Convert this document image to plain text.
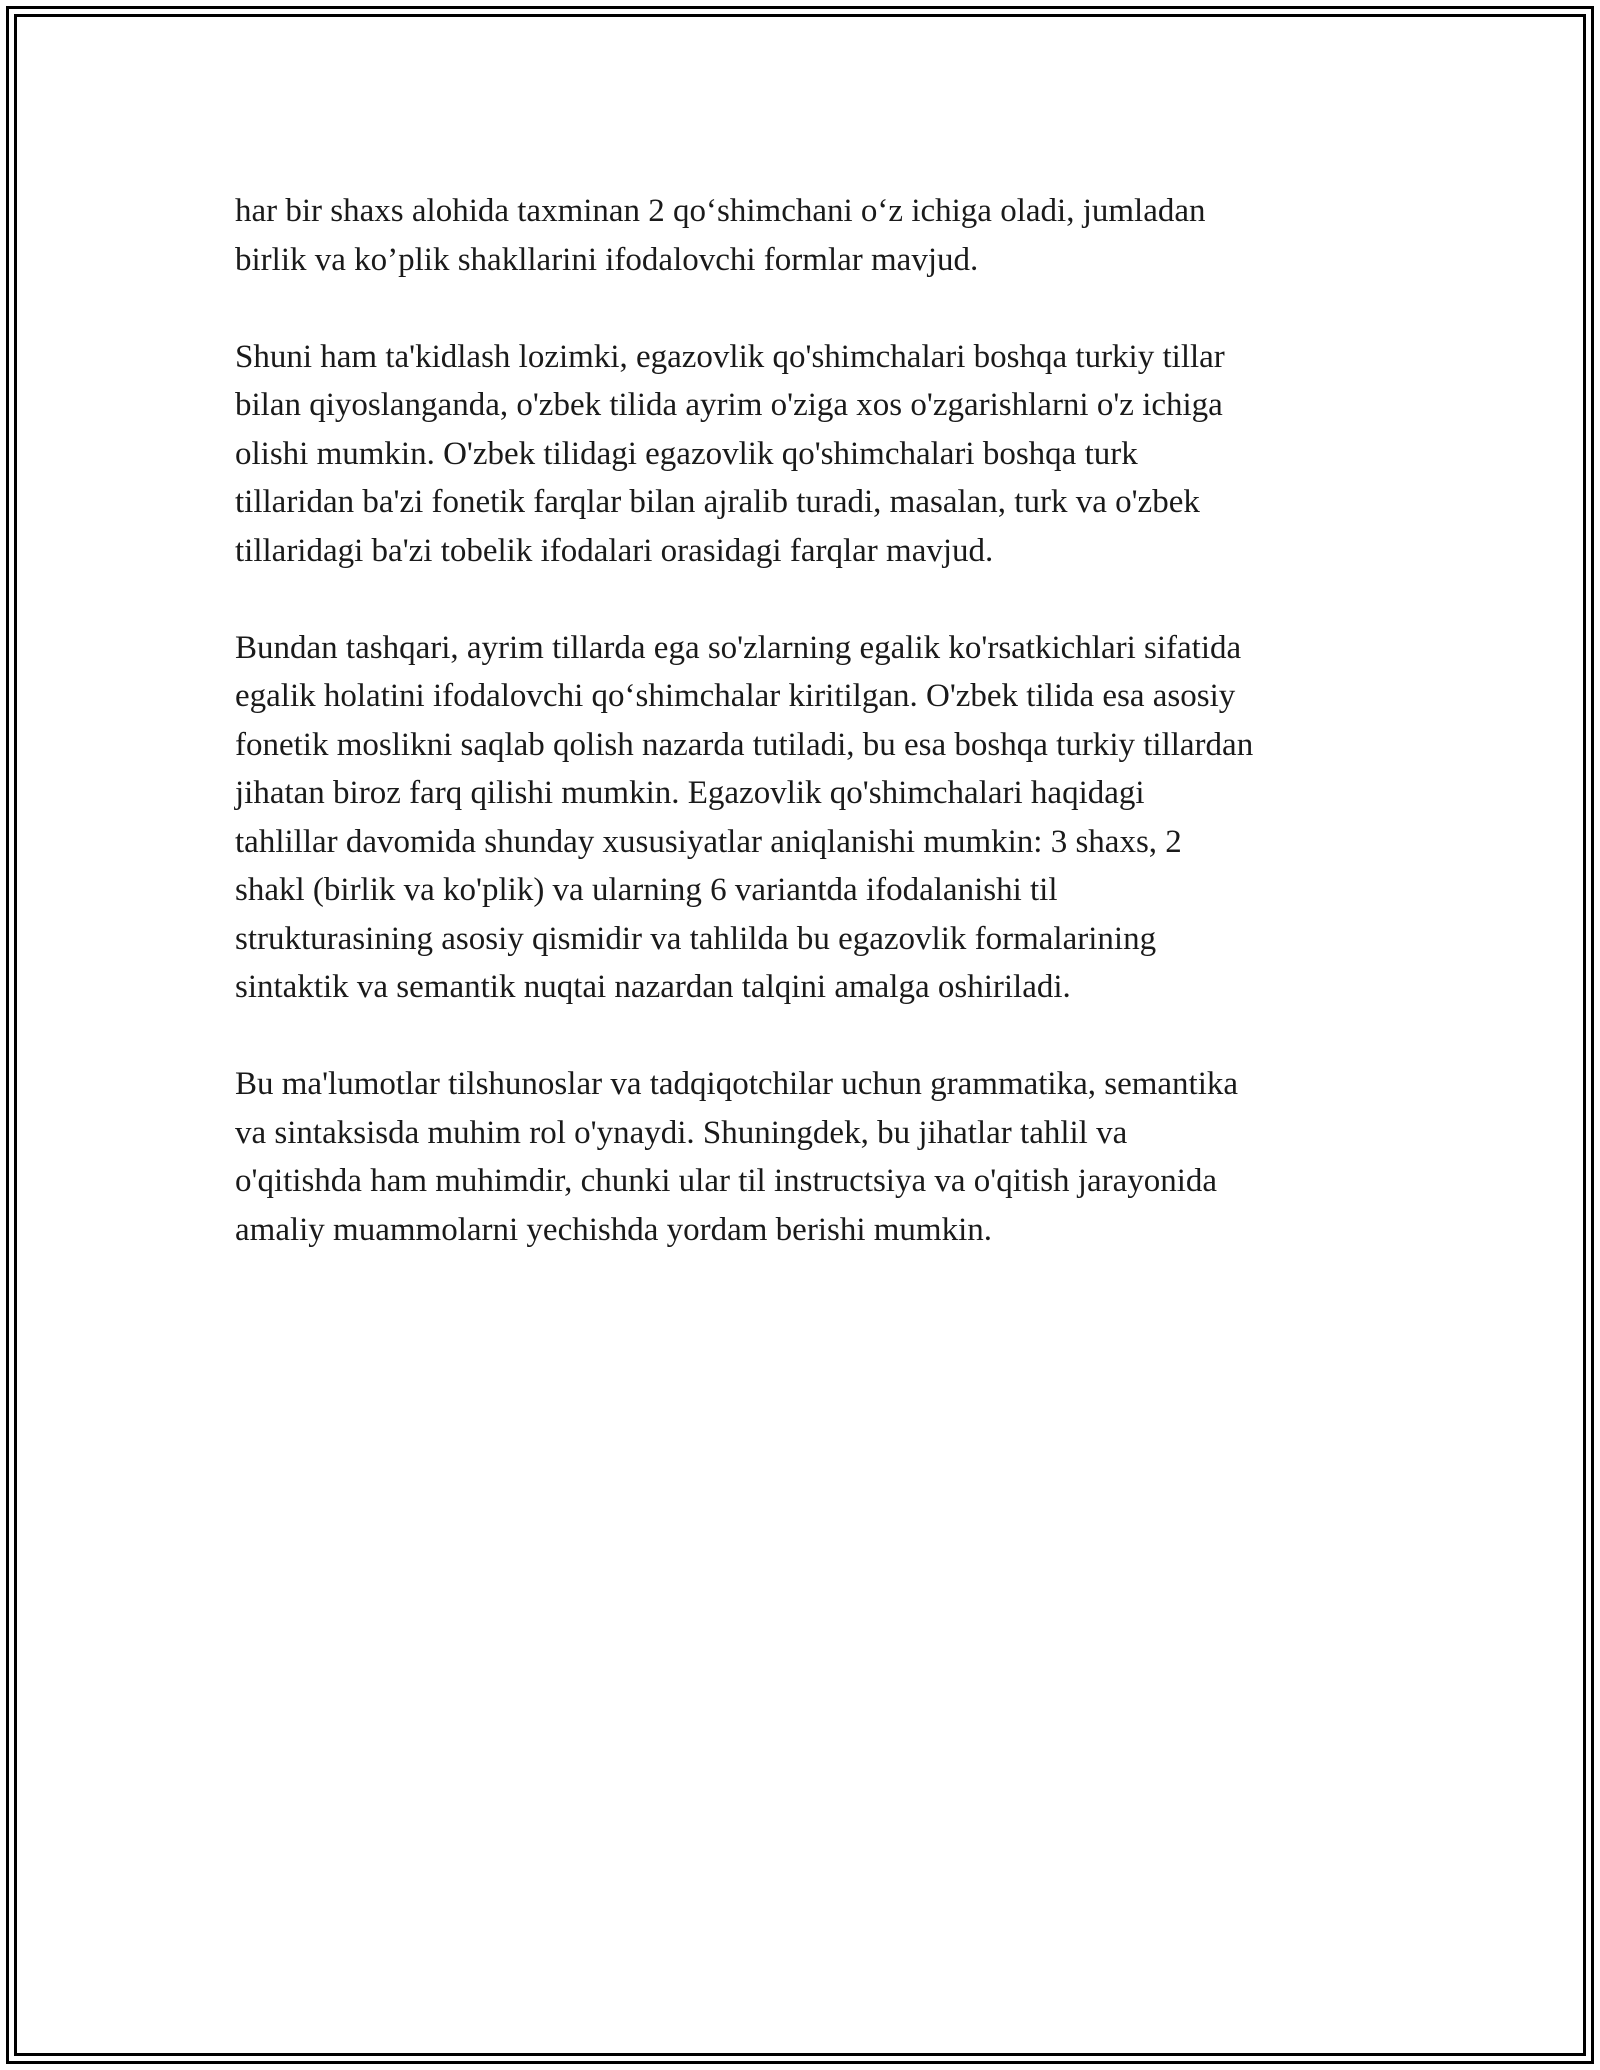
har bir shaxs alohida taxminan 2 qo‘shimchani o‘z ichiga oladi, jumladan
birlik va ko’plik shakllarini ifodalovchi formlar mavjud.

Shuni ham ta'kidlash lozimki, egazovlik qo'shimchalari boshqa turkiy tillar
bilan qiyoslanganda, o'zbek tilida ayrim o'ziga xos o'zgarishlarni o'z ichiga
olishi mumkin. O'zbek tilidagi egazovlik qo'shimchalari boshqa turk
tillaridan ba'zi fonetik farqlar bilan ajralib turadi, masalan, turk va o'zbek
tillaridagi ba'zi tobelik ifodalari orasidagi farqlar mavjud.

Bundan tashqari, ayrim tillarda ega so'zlarning egalik ko'rsatkichlari sifatida
egalik holatini ifodalovchi qo‘shimchalar kiritilgan. O'zbek tilida esa asosiy
fonetik moslikni saqlab qolish nazarda tutiladi, bu esa boshqa turkiy tillardan
jihatan biroz farq qilishi mumkin. Egazovlik qo'shimchalari haqidagi
tahlillar davomida shunday xususiyatlar aniqlanishi mumkin: 3 shaxs, 2
shakl (birlik va ko'plik) va ularning 6 variantda ifodalanishi til
strukturasining asosiy qismidir va tahlilda bu egazovlik formalarining
sintaktik va semantik nuqtai nazardan talqini amalga oshiriladi.

Bu ma'lumotlar tilshunoslar va tadqiqotchilar uchun grammatika, semantika
va sintaksisda muhim rol o'ynaydi. Shuningdek, bu jihatlar tahlil va
o'qitishda ham muhimdir, chunki ular til instructsiya va o'qitish jarayonida
amaliy muammolarni yechishda yordam berishi mumkin.
